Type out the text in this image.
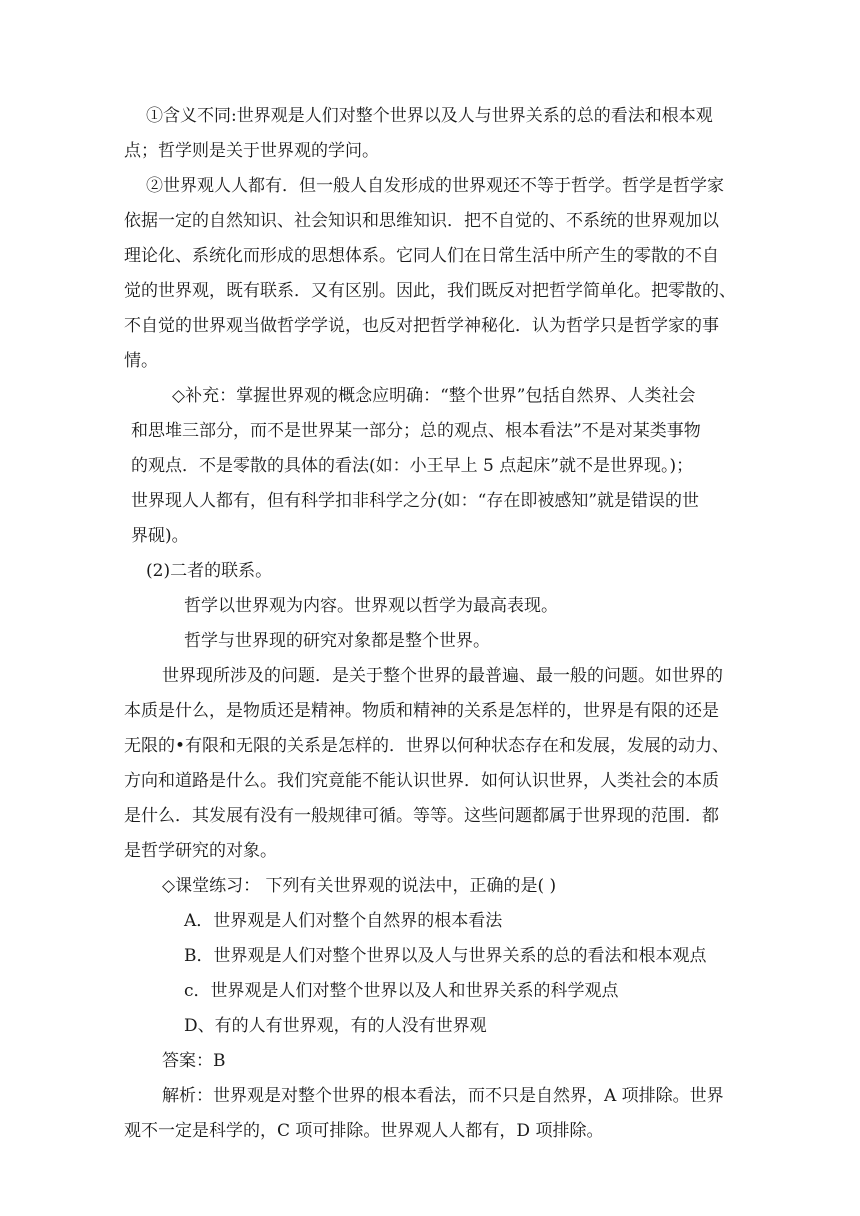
①含义不同:世界观是人们对整个世界以及人与世界关系的总的看法和根本观
点；哲学则是关于世界观的学问。
②世界观人人都有．但一般人自发形成的世界观还不等于哲学。哲学是哲学家
依据一定的自然知识、社会知识和思维知识．把不自觉的、不系统的世界观加以
理论化、系统化而形成的思想体系。它同人们在日常生活中所产生的零散的不自
觉的世界观，既有联系．又有区别。因此，我们既反对把哲学简单化。把零散的、
不自觉的世界观当做哲学学说，也反对把哲学神秘化．认为哲学只是哲学家的事
情。
◇补充：掌握世界观的概念应明确：“整个世界”包括自然界、人类社会
和思堆三部分，而不是世界某一部分；总的观点、根本看法”不是对某类事物
的观点．不是零散的具体的看法(如：小王早上 5 点起床”就不是世界现。)；
世界现人人都有，但有科学扣非科学之分(如：“存在即被感知”就是错误的世
界砚)。
(2)二者的联系。
哲学以世界观为内容。世界观以哲学为最高表现。
哲学与世界现的研究对象都是整个世界。
世界现所涉及的问题．是关于整个世界的最普遍、最一般的问题。如世界的
本质是什么，是物质还是精神。物质和精神的关系是怎样的，世界是有限的还是
无限的•有限和无限的关系是怎样的．世界以何种状态存在和发展，发展的动力、
方向和道路是什么。我们究竟能不能认识世界．如何认识世界，人类社会的本质
是什么．其发展有没有一般规律可循。等等。这些问题都属于世界现的范围．都
是哲学研究的对象。
◇课堂练习： 下列有关世界观的说法中，正确的是( )
A．世界观是人们对整个自然界的根本看法
B．世界观是人们对整个世界以及人与世界关系的总的看法和根本观点
c．世界观是人们对整个世界以及人和世界关系的科学观点
D、有的人有世界观，有的人没有世界观
答案：B
解析：世界观是对整个世界的根本看法，而不只是自然界，A 项排除。世界
观不一定是科学的，C 项可排除。世界观人人都有，D 项排除。
